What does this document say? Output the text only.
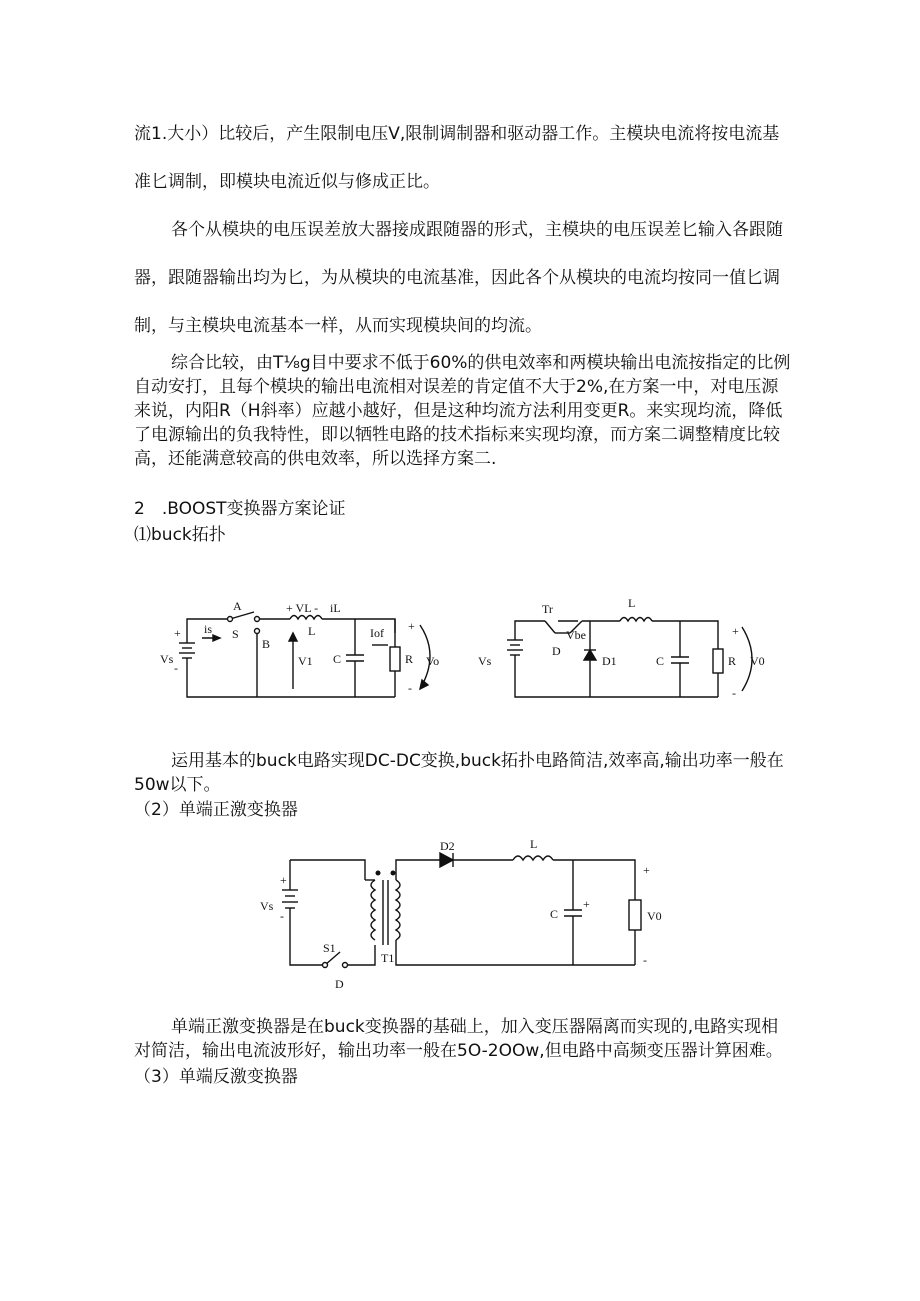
流1.大小）比较后，产生限制电压V,限制调制器和驱动器工作。主模块电流将按电流基
准匕调制，即模块电流近似与修成正比。
各个从模块的电压误差放大器接成跟随器的形式，主模块的电压误差匕输入各跟随
器，跟随器输出均为匕，为从模块的电流基准，因此各个从模块的电流均按同一值匕调
制，与主模块电流基本一样，从而实现模块间的均流。
综合比较，由T⅛g目中要求不低于60%的供电效率和两模块输出电流按指定的比例
自动安打，且每个模块的输出电流相对误差的肯定值不大于2%,在方案一中，对电压源
来说，内阳R（H斜率）应越小越好，但是这种均流方法利用变更R。来实现均流，降低
了电源输出的负我特性，即以牺牲电路的技术指标来实现均潦，而方案二调整精度比较
高，还能满意较高的供电效率，所以选择方案二.
2　.BOOST变换器方案论证
⑴buck拓扑
A
S
B
Vs
+
-
is
+ VL - iL
L
V1 C
Iof
R
+
-
Vo
Tr
Vbe
D
Vs	D1
L
C	R V0
+
-
运用基本的buck电路实现DC-DC变换,buck拓扑电路简洁,效率高,输出功率一般在
50w以下。
（2）单端正激变换器
Vs
+
-
S1
D
T1
D2	L
C
+
V0
+
-
单端正激变换器是在buck变换器的基础上，加入变压器隔离而实现的,电路实现相
对简洁，输出电流波形好，输出功率一般在5O-2OOw,但电路中高频变压器计算困难。
（3）单端反激变换器
